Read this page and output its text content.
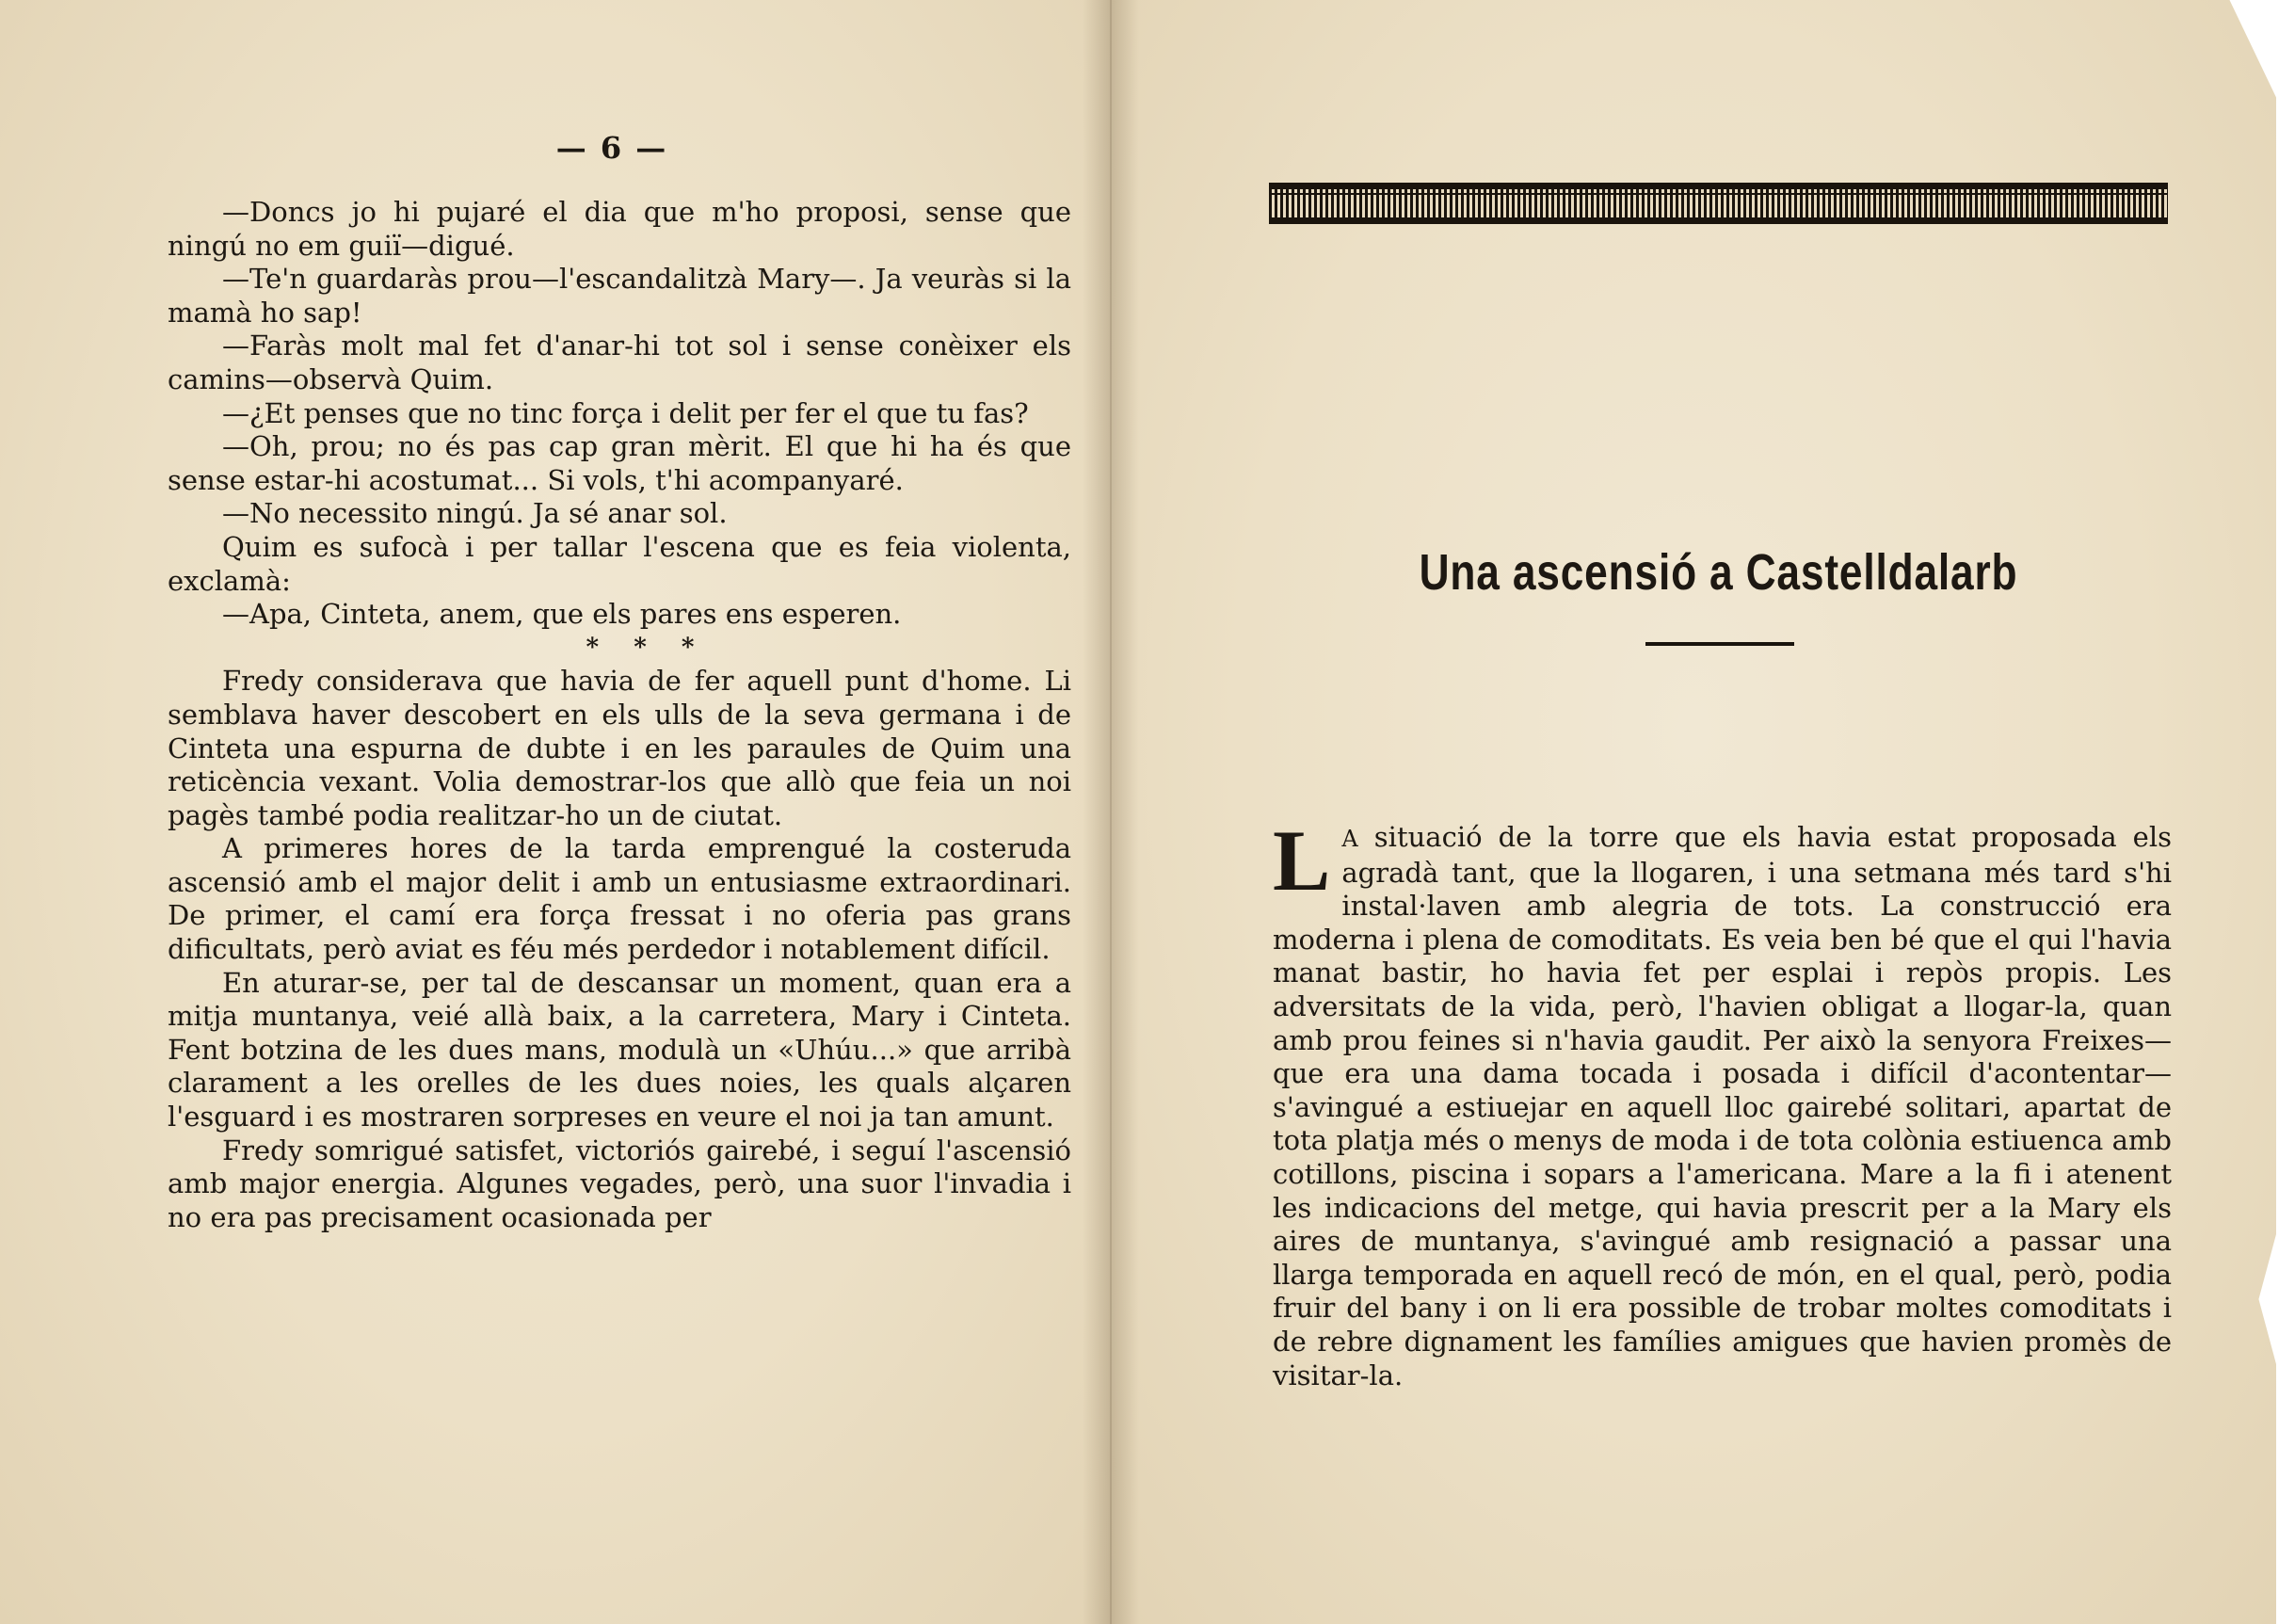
— 6 —

—Doncs jo hi pujaré el dia que m'ho proposi, sense que ningú no em guiï—digué.

—Te'n guardaràs prou—l'escandalitzà Mary—. Ja veuràs si la mamà ho sap!

—Faràs molt mal fet d'anar-hi tot sol i sense conèixer els camins—observà Quim.

—¿Et penses que no tinc força i delit per fer el que tu fas?

—Oh, prou; no és pas cap gran mèrit. El que hi ha és que sense estar-hi acostumat... Si vols, t'hi acompanyaré.

—No necessito ningú. Ja sé anar sol.

Quim es sufocà i per tallar l'escena que es feia violenta, exclamà:

—Apa, Cinteta, anem, que els pares ens esperen.

* * *

Fredy considerava que havia de fer aquell punt d'home. Li semblava haver descobert en els ulls de la seva germana i de Cinteta una espurna de dubte i en les paraules de Quim una reticència vexant. Volia demostrar-los que allò que feia un noi pagès també podia realitzar-ho un de ciutat.

A primeres hores de la tarda emprengué la costeruda ascensió amb el major delit i amb un entusiasme extraordinari. De primer, el camí era força fressat i no oferia pas grans dificultats, però aviat es féu més perdedor i notablement difícil.

En aturar-se, per tal de descansar un moment, quan era a mitja muntanya, veié allà baix, a la carretera, Mary i Cinteta. Fent botzina de les dues mans, modulà un «Uhúu...» que arribà clarament a les orelles de les dues noies, les quals alçaren l'esguard i es mostraren sorpreses en veure el noi ja tan amunt.

Fredy somrigué satisfet, victoriós gairebé, i seguí l'ascensió amb major energia. Algunes vegades, però, una suor l'invadia i no era pas precisament ocasionada per

Una ascensió a Castelldalarb
L A situació de la torre que els havia estat proposada els agradà tant, que la llogaren, i una setmana més tard s'hi instal·laven amb alegria de tots. La construcció era moderna i plena de comoditats. Es veia ben bé que el qui l'havia manat bastir, ho havia fet per esplai i repòs propis. Les adversitats de la vida, però, l'havien obligat a llogar-la, quan amb prou feines si n'havia gaudit. Per això la senyora Freixes—que era una dama tocada i posada i difícil d'acontentar—s'avingué a estiuejar en aquell lloc gairebé solitari, apartat de tota platja més o menys de moda i de tota colònia estiuenca amb cotillons, piscina i sopars a l'americana. Mare a la fi i atenent les indicacions del metge, qui havia prescrit per a la Mary els aires de muntanya, s'avingué amb resignació a passar una llarga temporada en aquell recó de món, en el qual, però, podia fruir del bany i on li era possible de trobar moltes comoditats i de rebre dignament les famílies amigues que havien promès de visitar-la.
